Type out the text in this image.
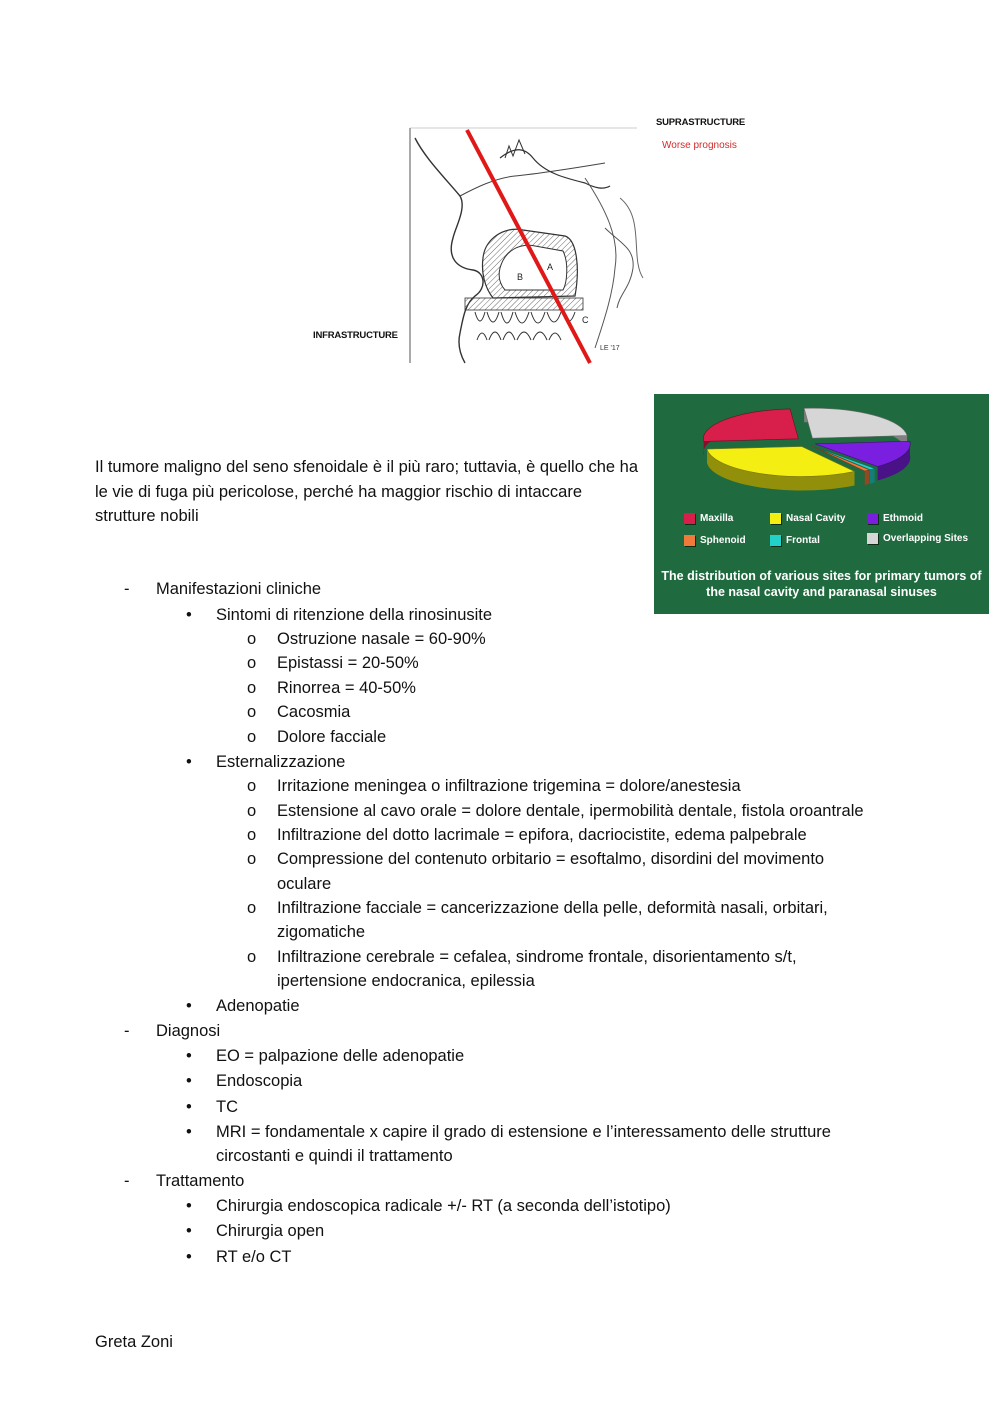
SUPRASTRUCTURE
Worse prognosis
INFRASTRUCTURE
B
A
C
LE '17
Maxilla	Nasal Cavity	Ethmoid
Sphenoid	Frontal	Overlapping Sites
The distribution of various sites for primary tumors of the nasal cavity and paranasal sinuses
Il tumore maligno del seno sfenoidale è il più raro; tuttavia, è quello che ha le vie di fuga più pericolose, perché ha maggior rischio di intaccare strutture nobili
- Manifestazioni cliniche
• Sintomi di ritenzione della rinosinusite
o Ostruzione nasale = 60-90%
o Epistassi = 20-50%
o Rinorrea = 40-50%
o Cacosmia
o Dolore facciale
• Esternalizzazione
o Irritazione meningea o infiltrazione trigemina = dolore/anestesia
o Estensione al cavo orale = dolore dentale, ipermobilità dentale, fistola oroantrale
o Infiltrazione del dotto lacrimale = epifora, dacriocistite, edema palpebrale
o Compressione del contenuto orbitario = esoftalmo, disordini del movimento
oculare
o Infiltrazione facciale = cancerizzazione della pelle, deformità nasali, orbitari,
zigomatiche
o Infiltrazione cerebrale = cefalea, sindrome frontale, disorientamento s/t,
ipertensione endocranica, epilessia
• Adenopatie
- Diagnosi
• EO = palpazione delle adenopatie
• Endoscopia
• TC
• MRI = fondamentale x capire il grado di estensione e l’interessamento delle strutture
circostanti e quindi il trattamento
- Trattamento
• Chirurgia endoscopica radicale +/- RT (a seconda dell’istotipo)
• Chirurgia open
• RT e/o CT
Greta Zoni
